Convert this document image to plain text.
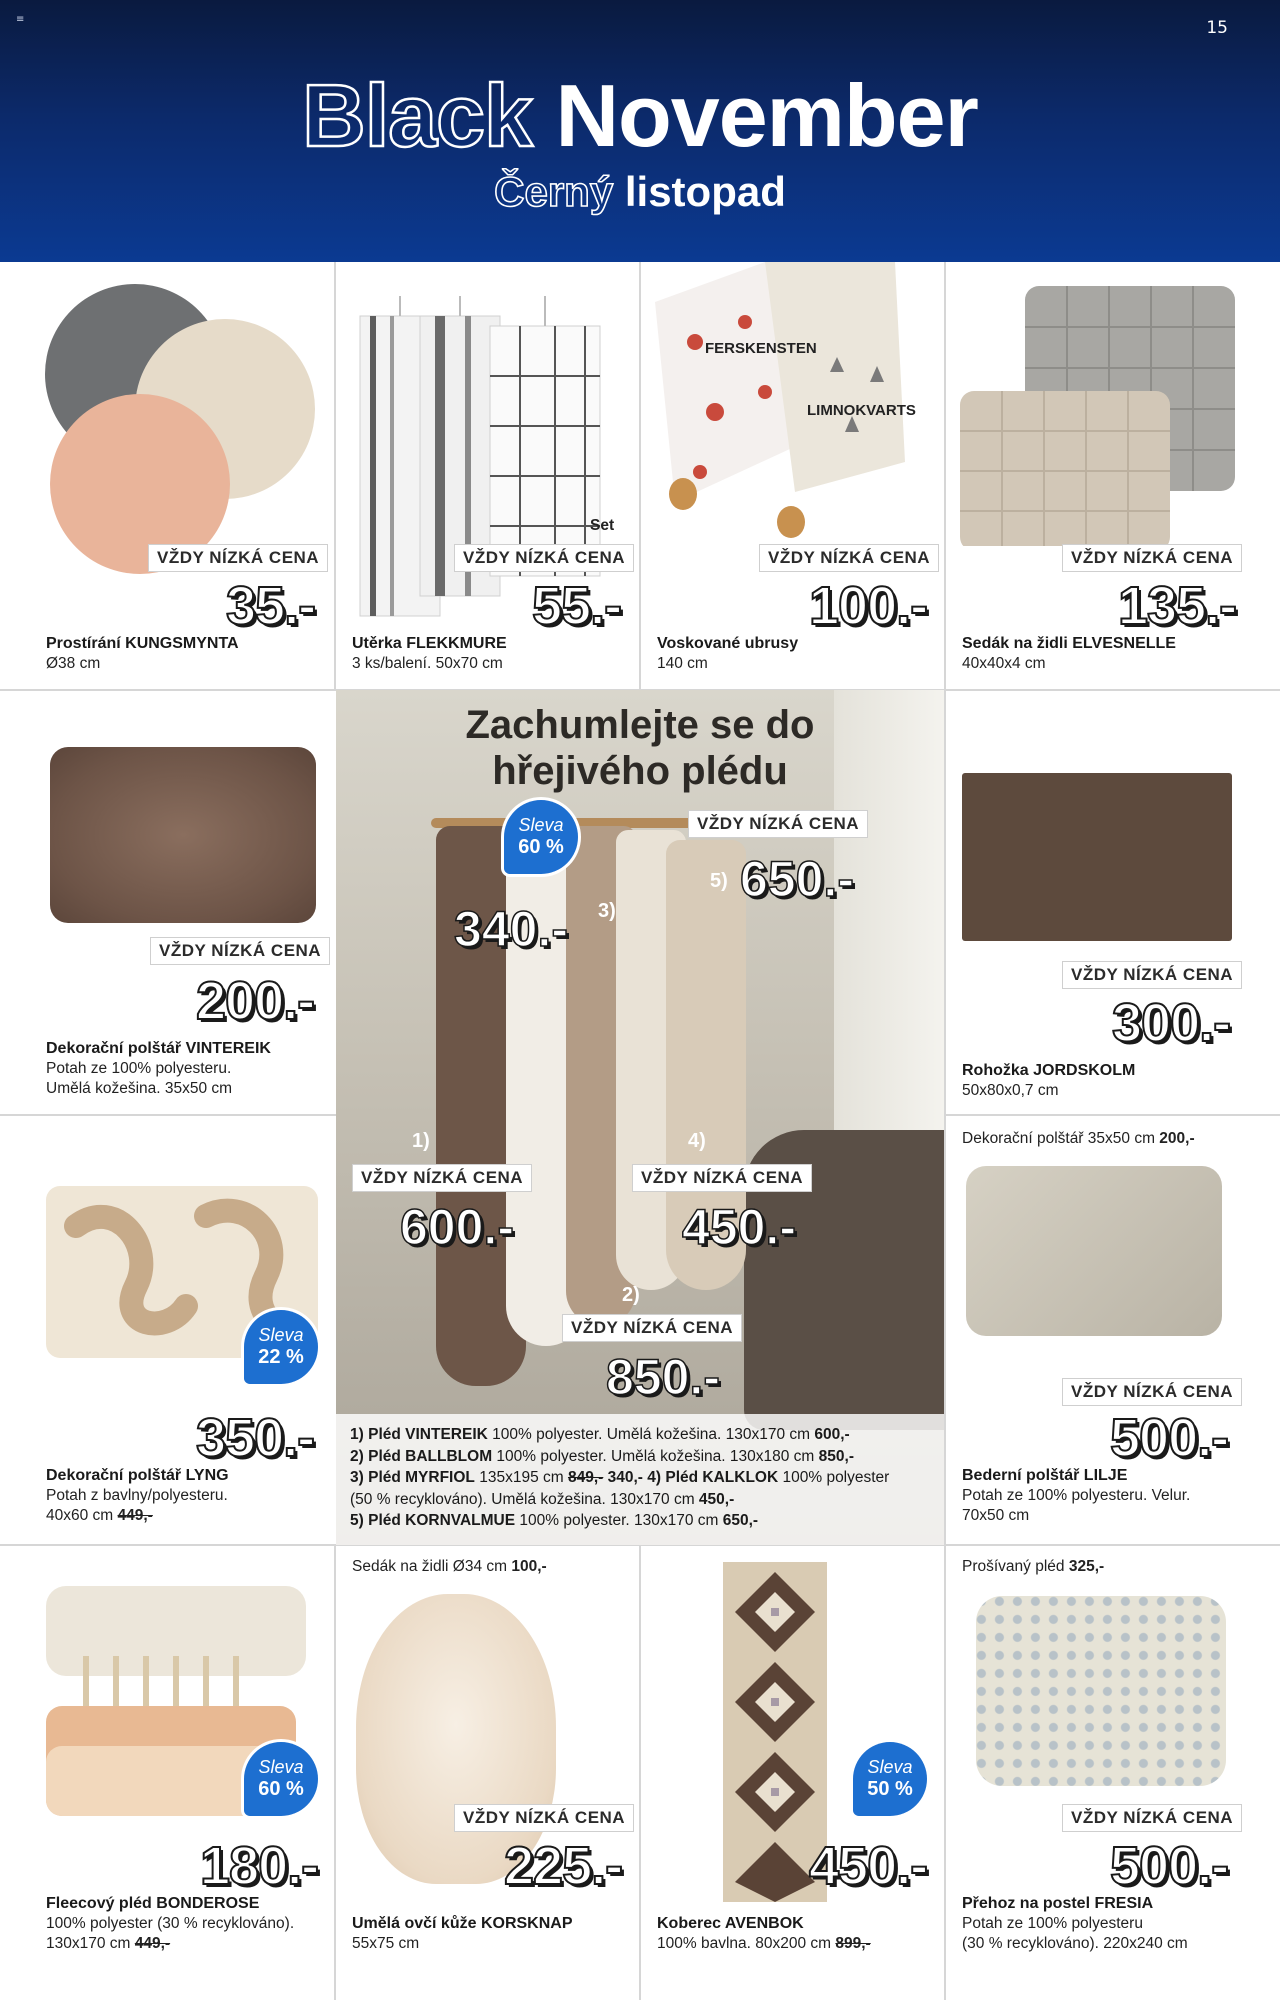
≡	15
Black November
Černý listopad
VŽDY NÍZKÁ CENA
35.-
Prostírání KUNGSMYNTA
Ø38 cm
Set
VŽDY NÍZKÁ CENA
55.-
Utěrka FLEKKMURE
3 ks/balení. 50x70 cm
FERSKENSTEN
LIMNOKVARTS
VŽDY NÍZKÁ CENA
100.-
Voskované ubrusy
140 cm
VŽDY NÍZKÁ CENA
135.-
Sedák na židli ELVESNELLE
40x40x4 cm
VŽDY NÍZKÁ CENA
200.-
Dekorační polštář VINTEREIK
Potah ze 100% polyesteru.
Umělá kožešina. 35x50 cm
VŽDY NÍZKÁ CENA
300.-
Rohožka JORDSKOLM
50x80x0,7 cm
Sleva
22 %
350.-
Dekorační polštář LYNG
Potah z bavlny/polyesteru.
40x60 cm 449,-
Dekorační polštář 35x50 cm 200,-
VŽDY NÍZKÁ CENA
500.-
Bederní polštář LILJE
Potah ze 100% polyesteru. Velur.
70x50 cm
Zachumlejte se do
hřejivého plédu
Sleva
60 %
340.- 3)
VŽDY NÍZKÁ CENA
5) 650.-
1)
VŽDY NÍZKÁ CENA
600.-
4)
VŽDY NÍZKÁ CENA
450.-
2)
VŽDY NÍZKÁ CENA
850.-
1) Pléd VINTEREIK 100% polyester. Umělá kožešina. 130x170 cm 600,-
2) Pléd BALLBLOM 100% polyester. Umělá kožešina. 130x180 cm 850,-
3) Pléd MYRFIOL 135x195 cm 849,- 340,- 4) Pléd KALKLOK 100% polyester
(50 % recyklováno). Umělá kožešina. 130x170 cm 450,-
5) Pléd KORNVALMUE 100% polyester. 130x170 cm 650,-
Sleva
60 %
180.-
Fleecový pléd BONDEROSE
100% polyester (30 % recyklováno).
130x170 cm 449,-
Sedák na židli Ø34 cm 100,-
VŽDY NÍZKÁ CENA
225.-
Umělá ovčí kůže KORSKNAP
55x75 cm
Sleva
50 %
450.-
Koberec AVENBOK
100% bavlna. 80x200 cm 899,-
Prošívaný pléd 325,-
VŽDY NÍZKÁ CENA
500.-
Přehoz na postel FRESIA
Potah ze 100% polyesteru
(30 % recyklováno). 220x240 cm
